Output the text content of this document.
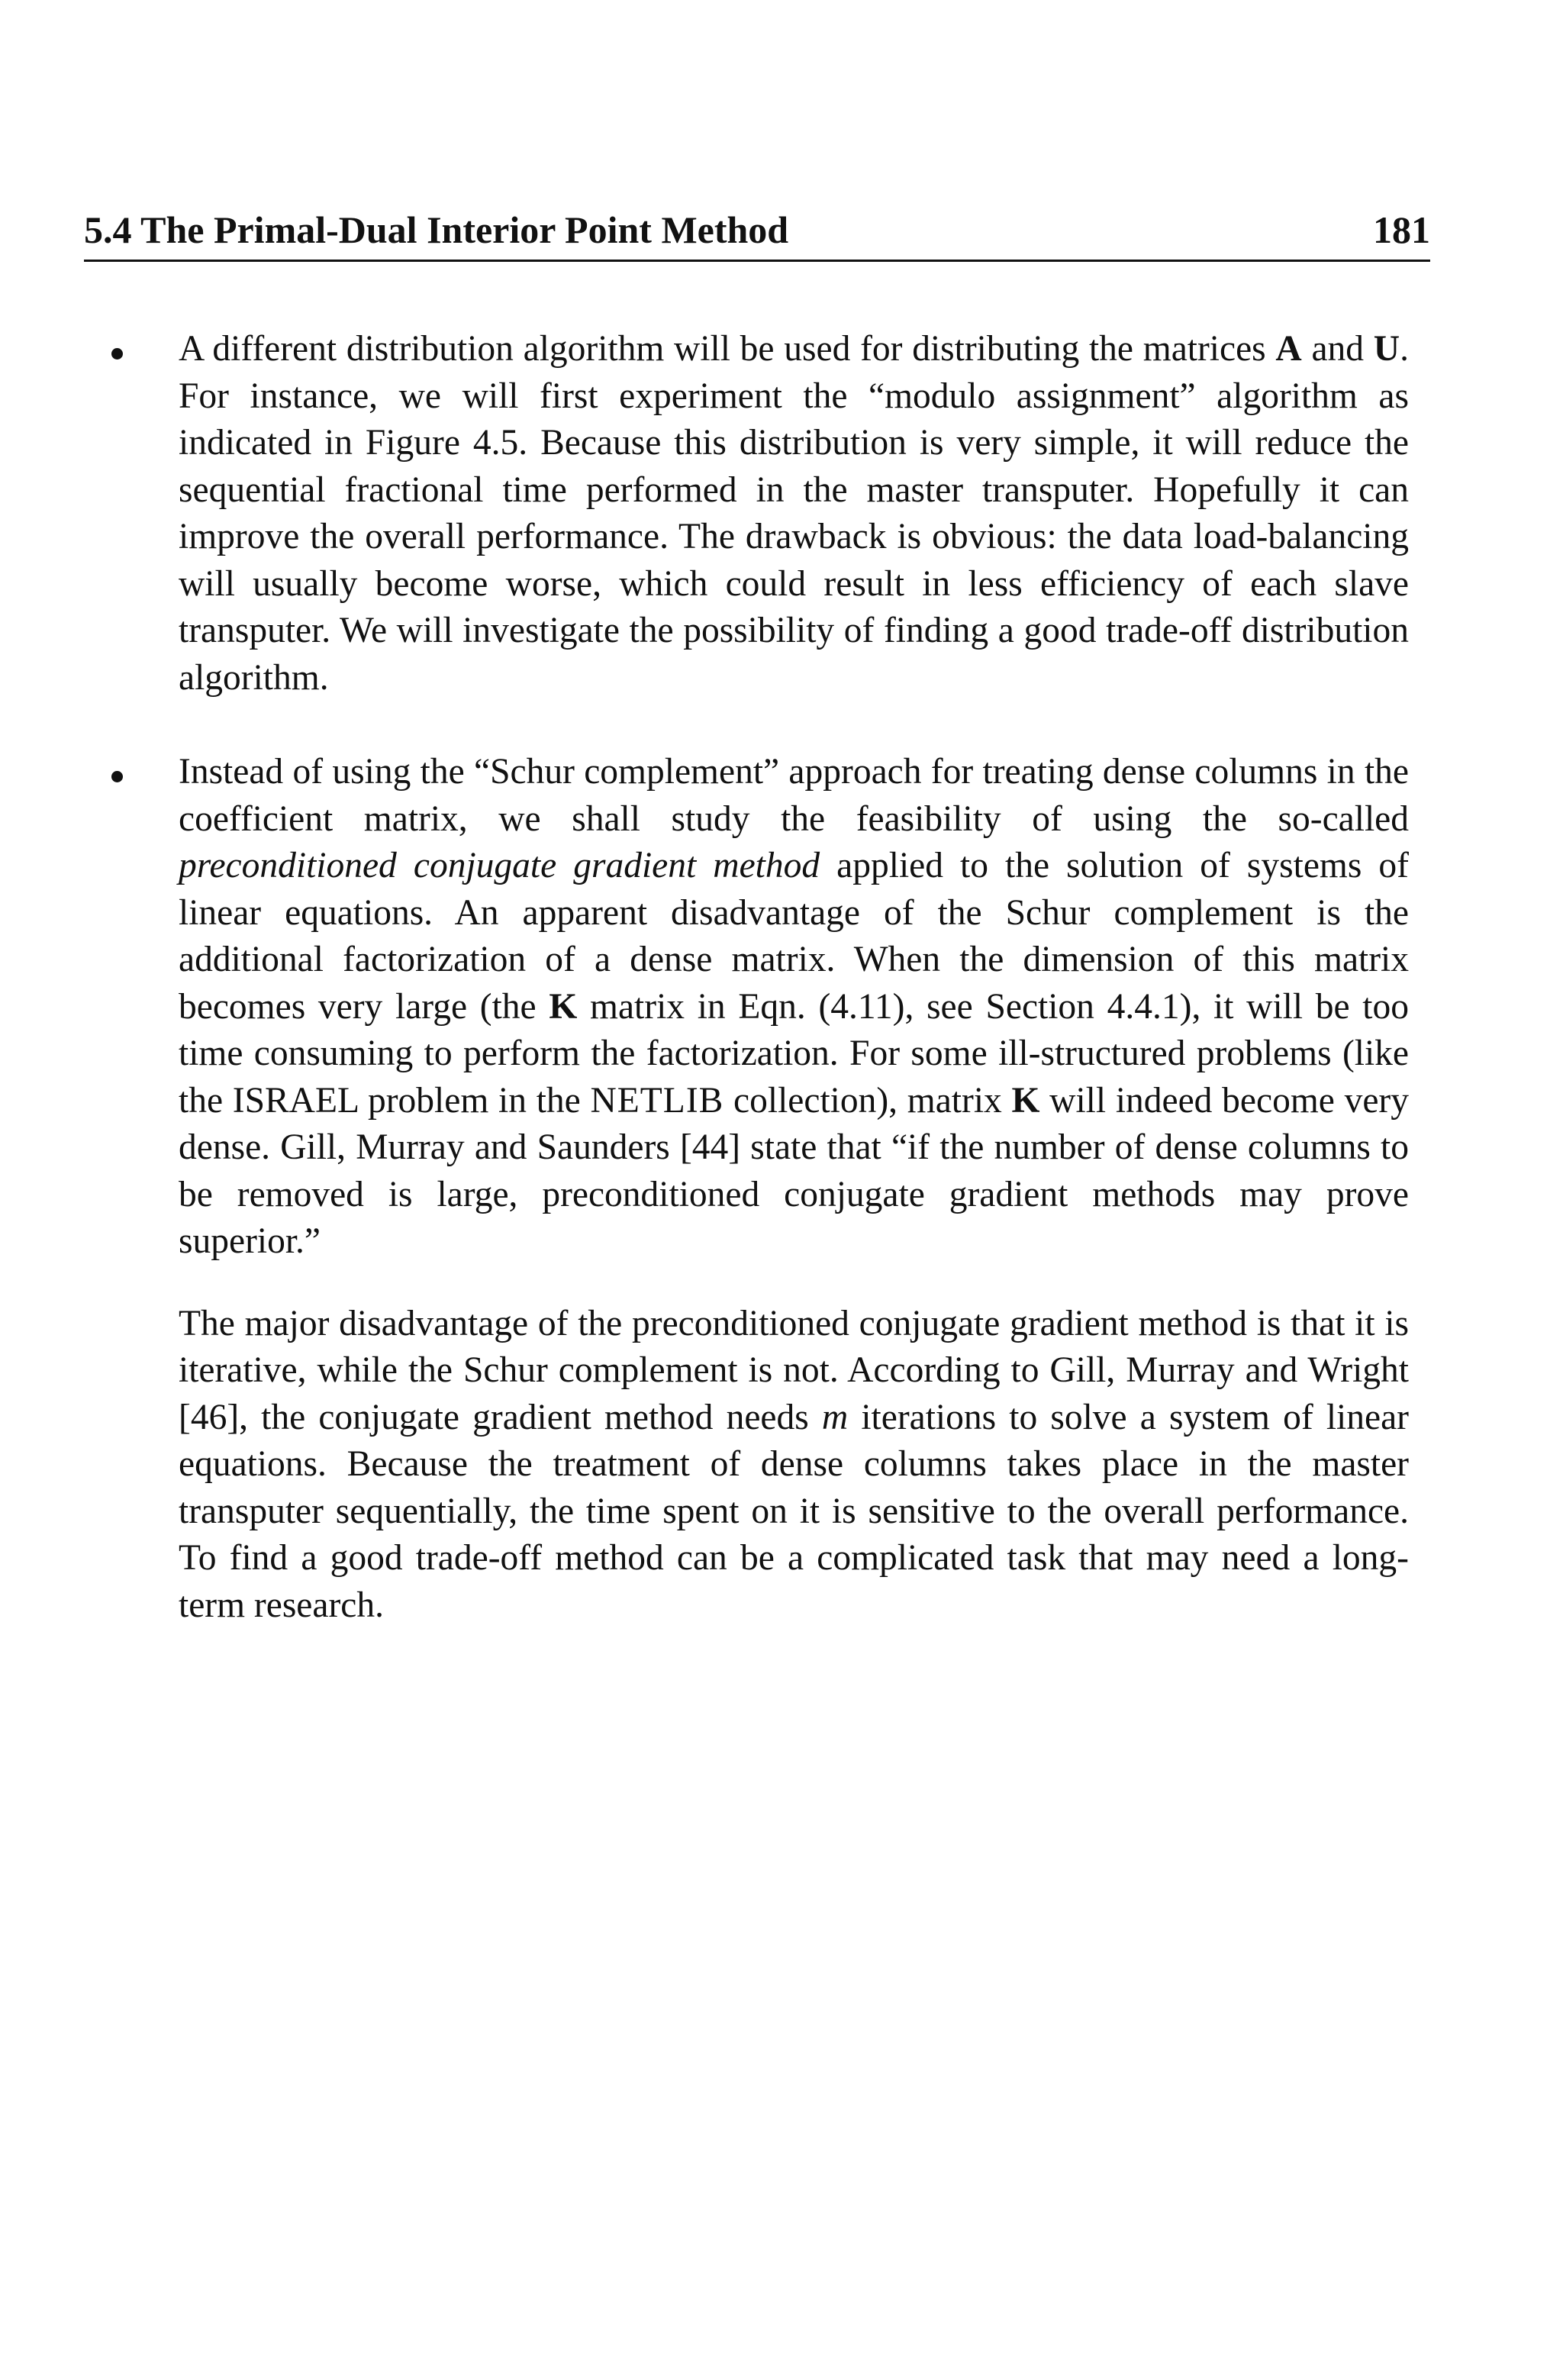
5.4 The Primal-Dual Interior Point Method	181

A different distribution algorithm will be used for distributing the matrices A and U. For instance, we will first experiment the “modulo assignment” algorithm as indicated in Figure 4.5. Because this distribution is very simple, it will reduce the sequential fractional time performed in the master transputer. Hopefully it can improve the overall performance. The drawback is obvious: the data load-balancing will usually become worse, which could result in less efficiency of each slave transputer. We will investigate the possibility of finding a good trade-off distribution algorithm.

Instead of using the “Schur complement” approach for treating dense columns in the coefficient matrix, we shall study the feasibility of using the so-called preconditioned conjugate gradient method applied to the solution of systems of linear equations. An apparent disadvantage of the Schur complement is the additional factorization of a dense matrix. When the dimension of this matrix becomes very large (the K matrix in Eqn. (4.11), see Section 4.4.1), it will be too time consuming to perform the factorization. For some ill-structured problems (like the ISRAEL problem in the NETLIB collection), matrix K will indeed become very dense. Gill, Murray and Saunders [44] state that “if the number of dense columns to be removed is large, preconditioned conjugate gradient methods may prove superior.”

The major disadvantage of the preconditioned conjugate gradient method is that it is iterative, while the Schur complement is not. According to Gill, Murray and Wright [46], the conjugate gradient method needs m iterations to solve a system of linear equations. Because the treatment of dense columns takes place in the master transputer sequentially, the time spent on it is sensitive to the overall performance. To find a good trade-off method can be a complicated task that may need a long-term research.
